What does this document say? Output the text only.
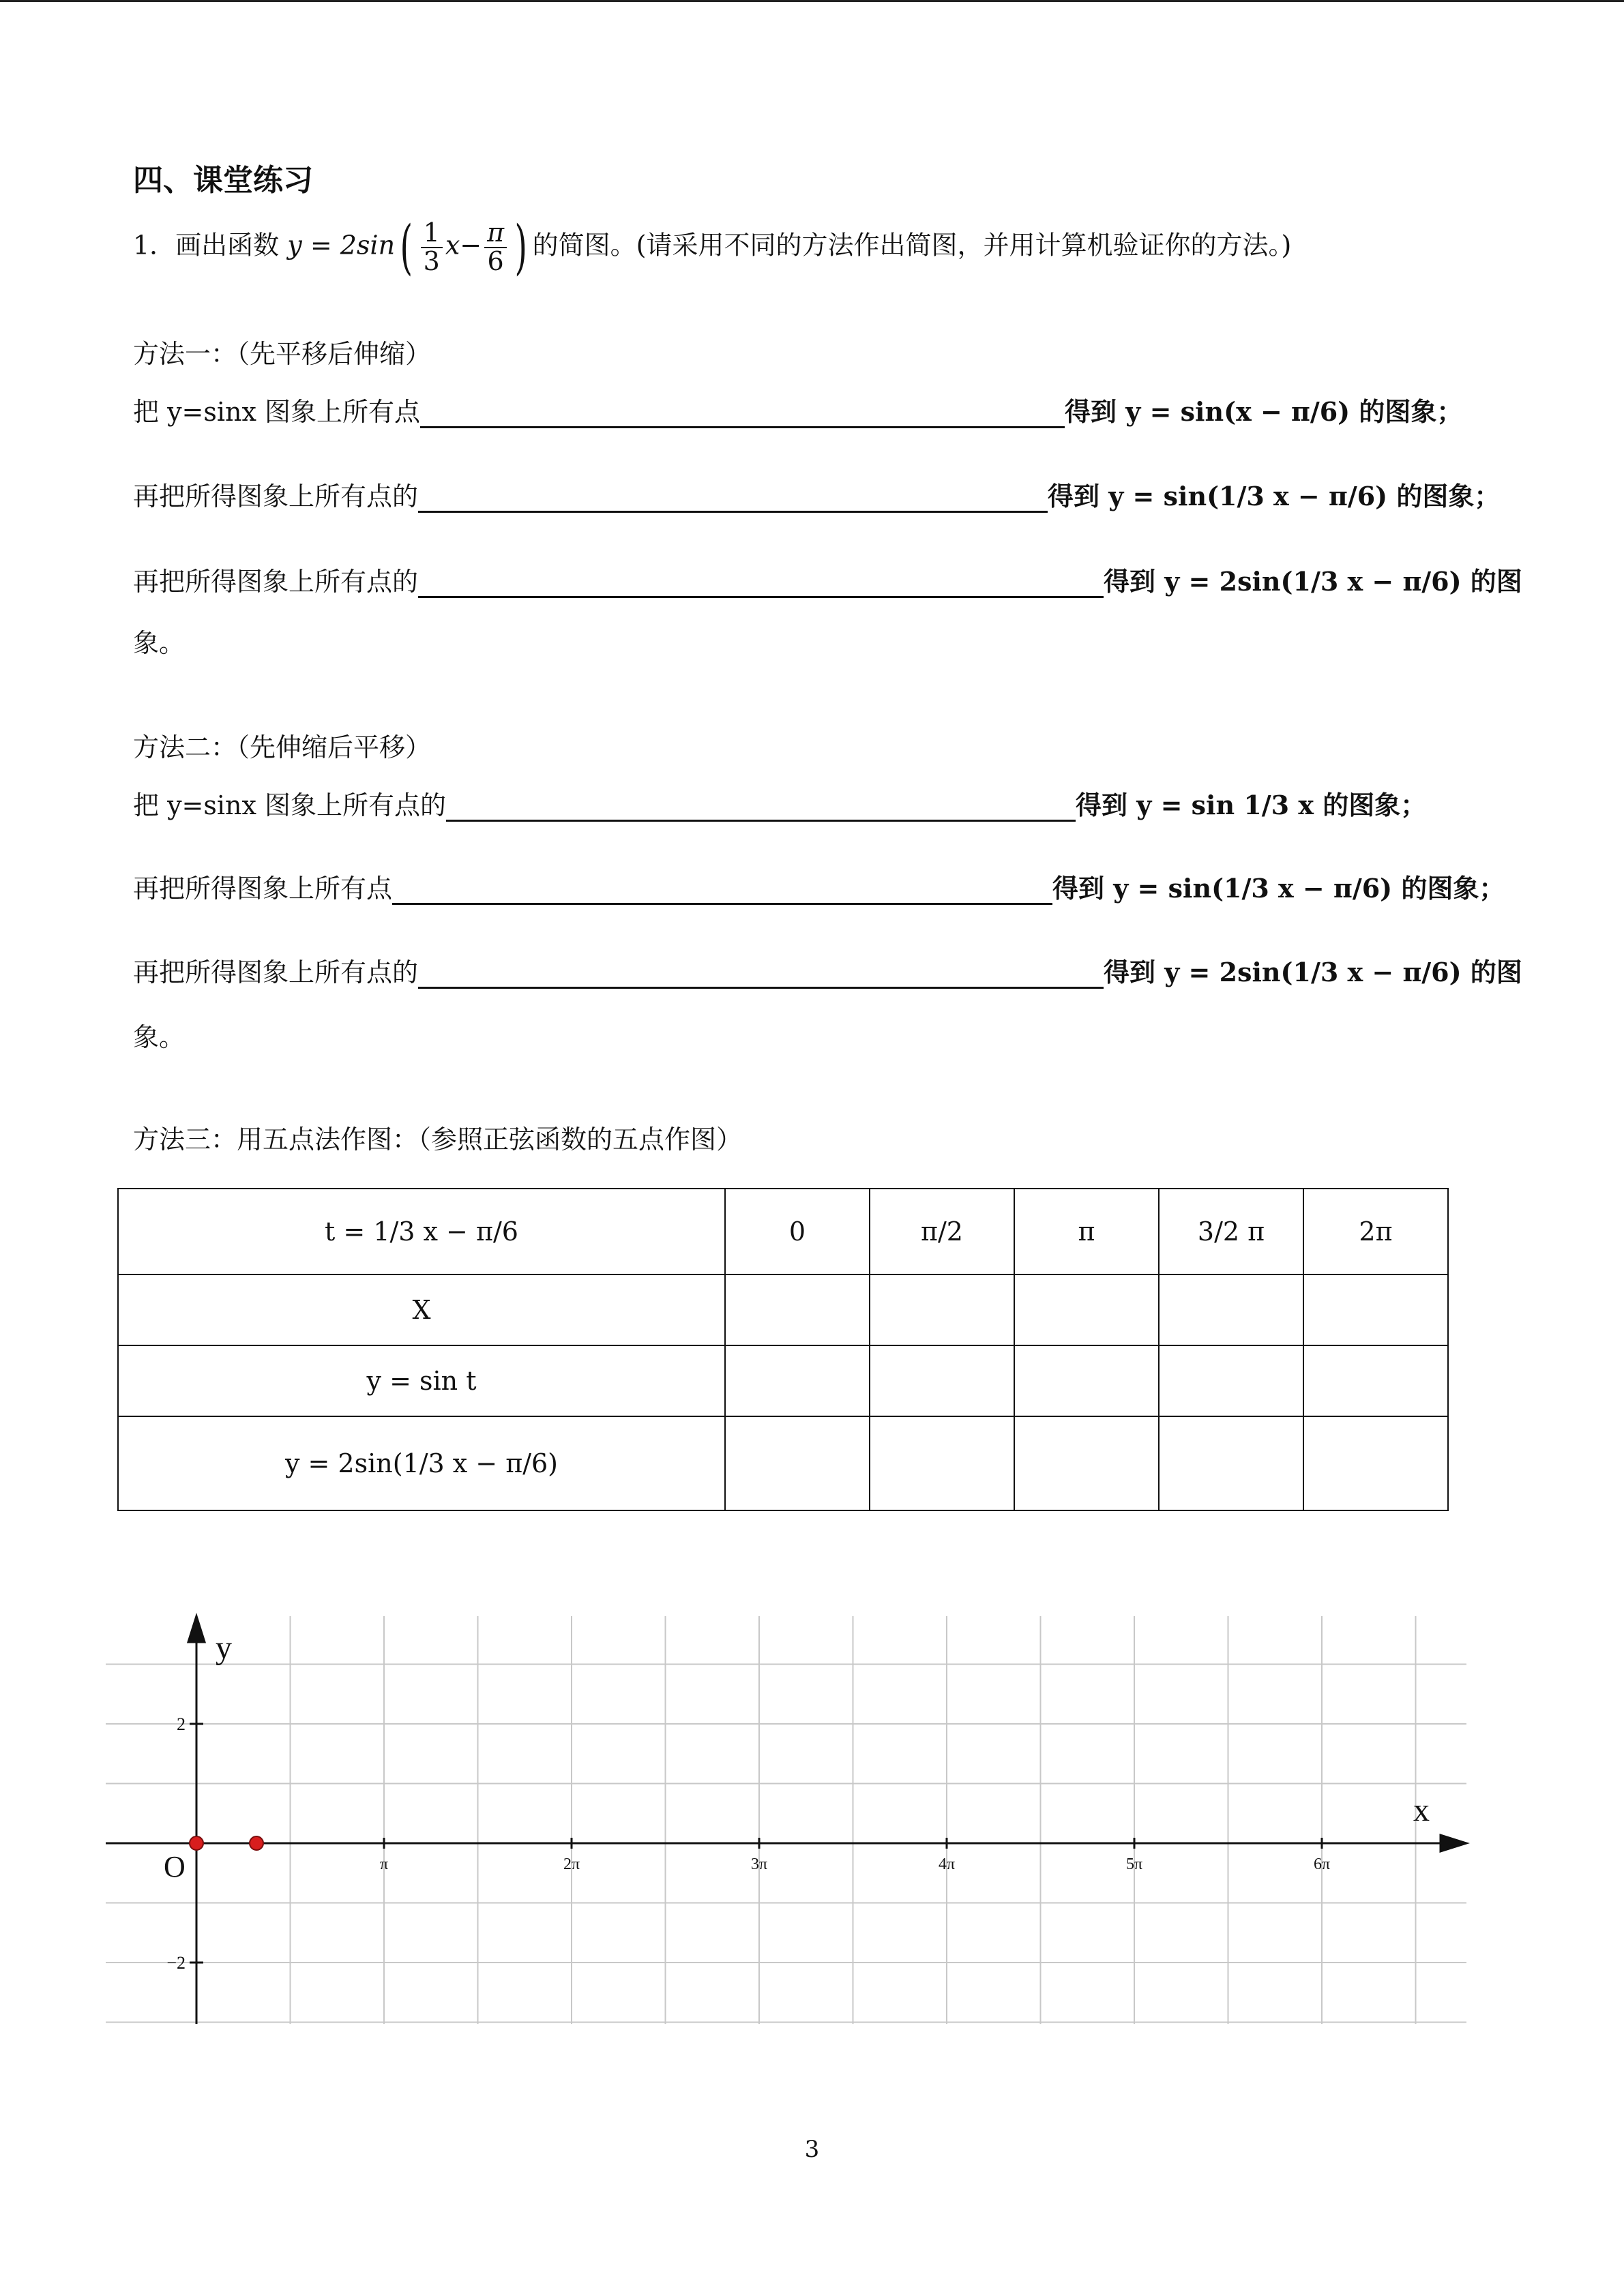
四、课堂练习
1．画出函数 $y = 2\sin( \frac{1}{3} x- \frac{\pi}{6}$ ) 的简图。(请采用不同的方法作出简图，并用计算机验证你的方法。)
方法一：（先平移后伸缩）
把 y=sinx 图象上所有点	得到 y = sin(x − π/6) 的图象；
再把所得图象上所有点的	得到 y = sin(1/3 x − π/6) 的图象；
再把所得图象上所有点的	得到 y = 2sin(1/3 x − π/6) 的图
象。
方法二：（先伸缩后平移）
把 y=sinx 图象上所有点的	得到 y = sin 1/3 x 的图象；
再把所得图象上所有点	得到 y = sin(1/3 x − π/6) 的图象；
再把所得图象上所有点的	得到 y = 2sin(1/3 x − π/6) 的图
象。
方法三：用五点法作图：（参照正弦函数的五点作图）
t = 1/3 x − π/6	0	π/2	π	3/2 π	2π
X					
y = sin t					
y = 2sin(1/3 x − π/6)					
π	2π	3π	4π	5π	6π
2
−2
y
x
O
3
